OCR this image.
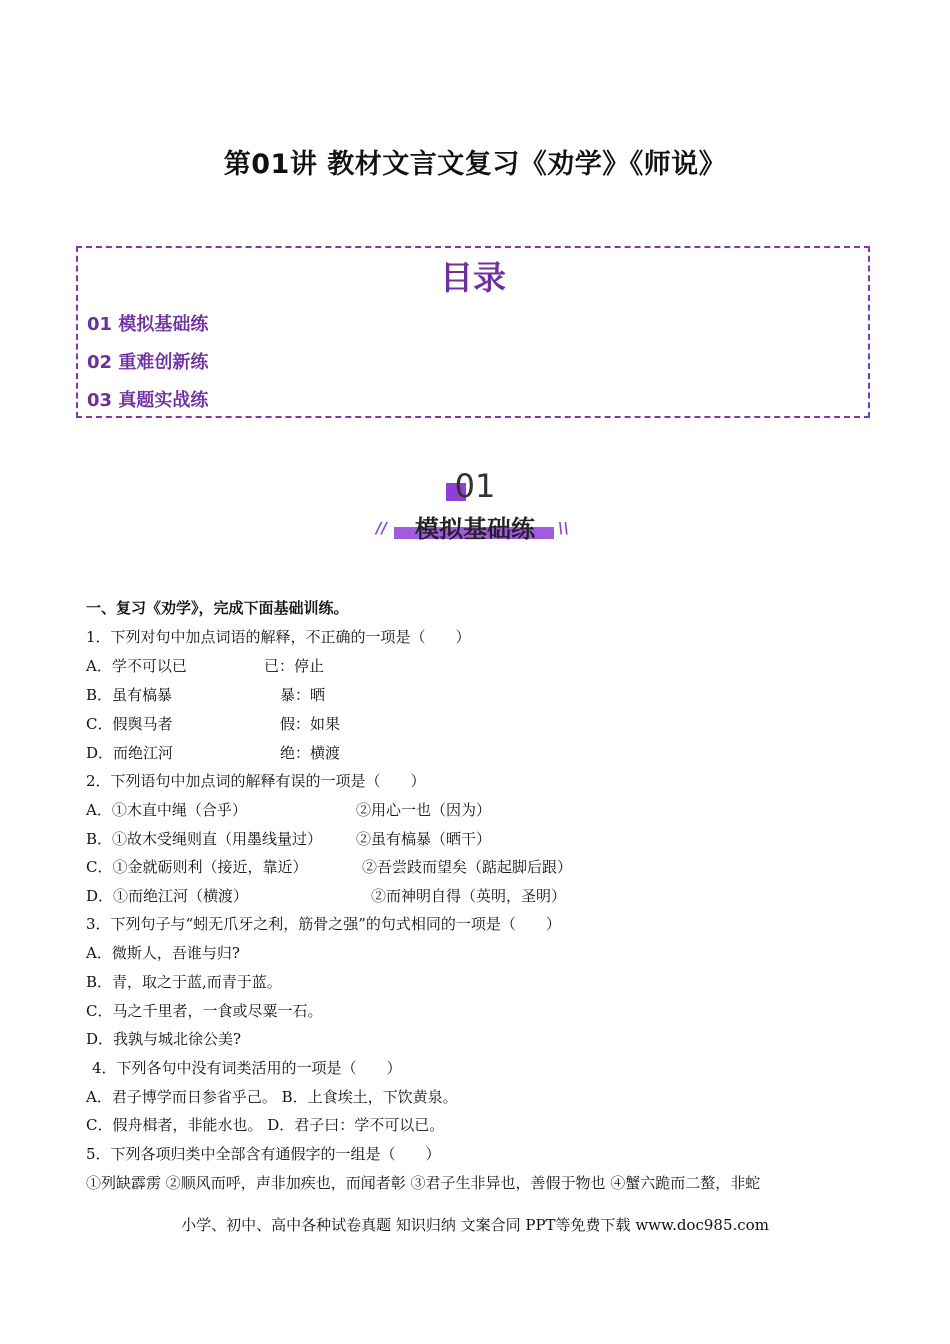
第01讲 教材文言文复习《劝学》《师说》
目录
01 模拟基础练
02 重难创新练
03 真题实战练
01
模拟基础练
//	\\
一、复习《劝学》，完成下面基础训练。
1．下列对句中加点词语的解释，不正确的一项是（　　）
A．学不可以已	已：停止
B．虽有槁暴	暴：晒
C．假舆马者	假：如果
D．而绝江河	绝：横渡
2．下列语句中加点词的解释有误的一项是（　　）
A．①木直中绳（合乎）	②用心一也（因为）
B．①故木受绳则直（用墨线量过） ②虽有槁暴（晒干）
C．①金就砺则利（接近，靠近）	②吾尝跂而望矣（踮起脚后跟）
D．①而绝江河（横渡）	②而神明自得（英明，圣明）
3．下列句子与“蚓无爪牙之利，筋骨之强”的句式相同的一项是（　　）
A．微斯人，吾谁与归?
B．青，取之于蓝,而青于蓝。
C．马之千里者，一食或尽粟一石。
D．我孰与城北徐公美?
4．下列各句中没有词类活用的一项是（　　）
A．君子博学而日参省乎己。 B．上食埃土，下饮黄泉。
C．假舟楫者，非能水也。 D．君子曰：学不可以已。
5．下列各项归类中全部含有通假字的一组是（　　）
①列缺霹雳 ②顺风而呼，声非加疾也，而闻者彰 ③君子生非异也，善假于物也 ④蟹六跪而二螯，非蛇
小学、初中、高中各种试卷真题 知识归纳 文案合同 PPT等免费下载 www.doc985.com
